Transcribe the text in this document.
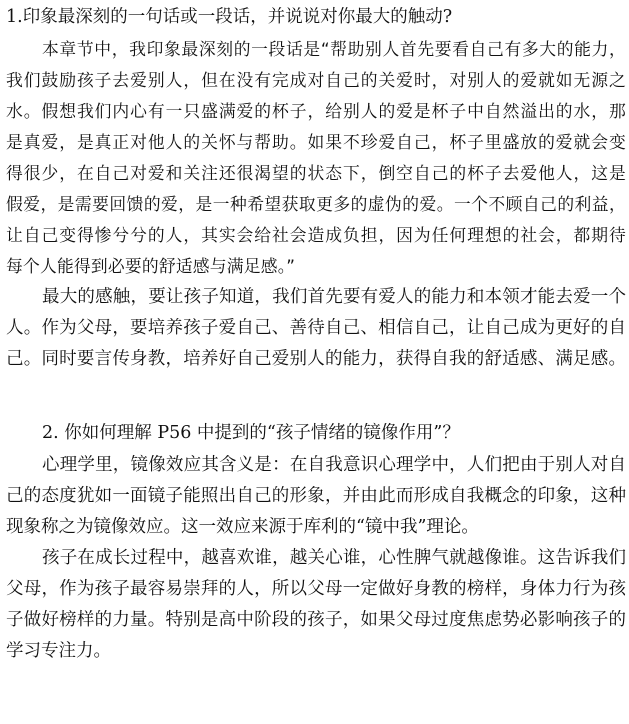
1.印象最深刻的一句话或一段话，并说说对你最大的触动?
本章节中，我印象最深刻的一段话是“帮助别人首先要看自己有多大的能力，
我们鼓励孩子去爱别人，但在没有完成对自己的关爱时，对别人的爱就如无源之
水。假想我们内心有一只盛满爱的杯子，给别人的爱是杯子中自然溢出的水，那
是真爱，是真正对他人的关怀与帮助。如果不珍爱自己，杯子里盛放的爱就会变
得很少，在自己对爱和关注还很渴望的状态下，倒空自己的杯子去爱他人，这是
假爱，是需要回馈的爱，是一种希望获取更多的虚伪的爱。一个不顾自己的利益，
让自己变得惨兮兮的人，其实会给社会造成负担，因为任何理想的社会，都期待
每个人能得到必要的舒适感与满足感。”
最大的感触，要让孩子知道，我们首先要有爱人的能力和本领才能去爱一个
人。作为父母，要培养孩子爱自己、善待自己、相信自己，让自己成为更好的自
己。同时要言传身教，培养好自己爱别人的能力，获得自我的舒适感、满足感。
2. 你如何理解 P56 中提到的“孩子情绪的镜像作用”？
心理学里，镜像效应其含义是：在自我意识心理学中，人们把由于别人对自
己的态度犹如一面镜子能照出自己的形象，并由此而形成自我概念的印象，这种
现象称之为镜像效应。这一效应来源于库利的“镜中我”理论。
孩子在成长过程中，越喜欢谁，越关心谁，心性脾气就越像谁。这告诉我们
父母，作为孩子最容易崇拜的人，所以父母一定做好身教的榜样，身体力行为孩
子做好榜样的力量。特别是高中阶段的孩子，如果父母过度焦虑势必影响孩子的
学习专注力。
